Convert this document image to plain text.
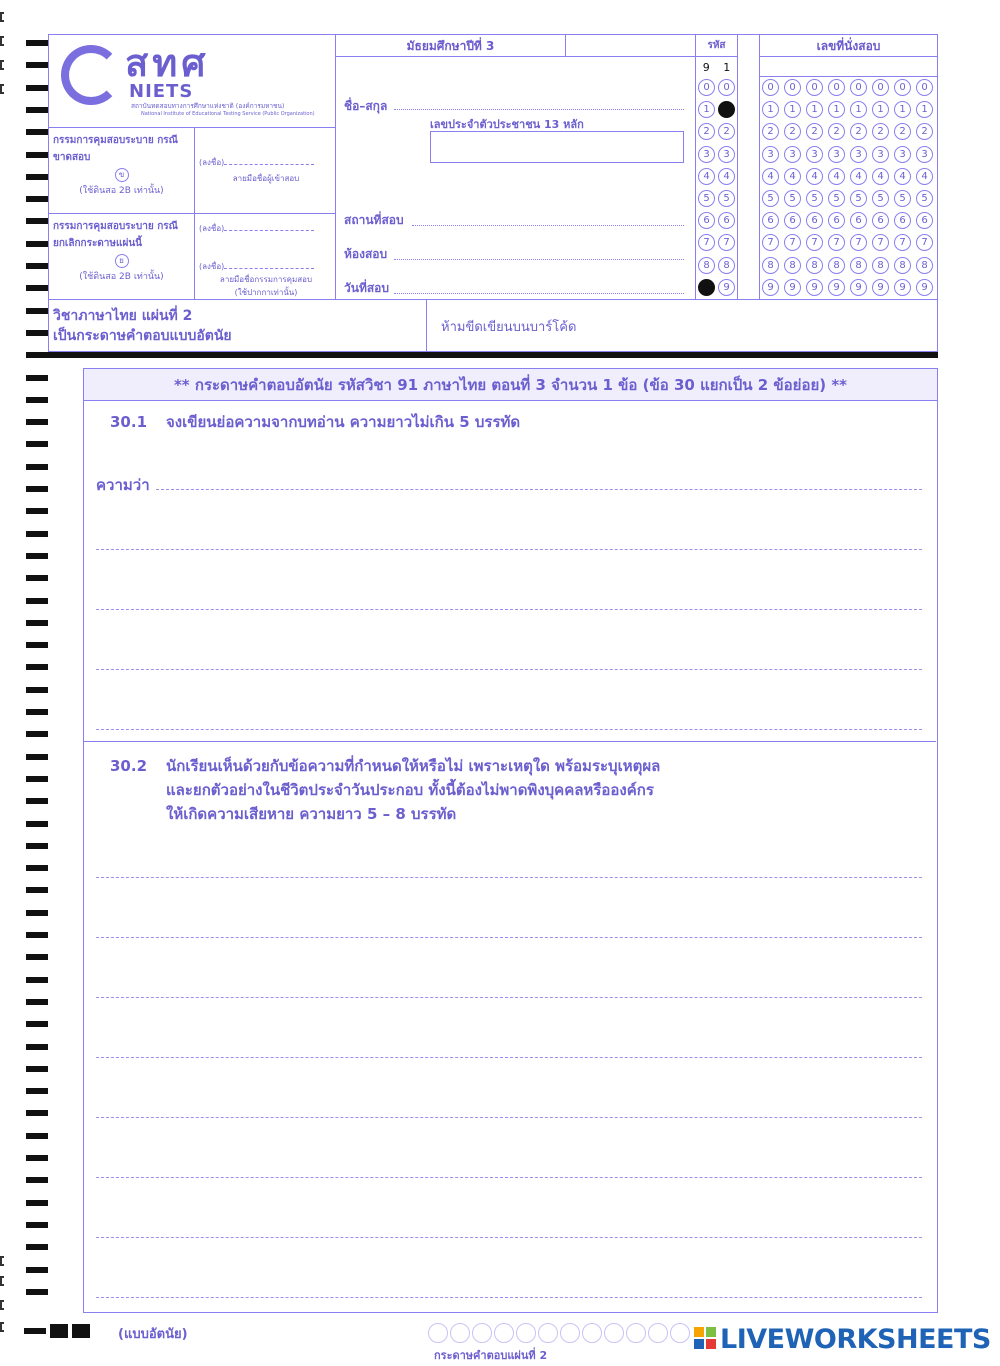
สทศ
NIETS
สถาบันทดสอบทางการศึกษาแห่งชาติ (องค์การมหาชน)
National Institute of Educational Testing Service (Public Organization)
กรรมการคุมสอบระบาย กรณีขาดสอบ
ข
(ใช้ดินสอ 2B เท่านั้น)
(ลงชื่อ)
ลายมือชื่อผู้เข้าสอบ
กรรมการคุมสอบระบาย กรณียกเลิกกระดาษแผ่นนี้
ย
(ใช้ดินสอ 2B เท่านั้น)
(ลงชื่อ)
(ลงชื่อ)
ลายมือชื่อกรรมการคุมสอบ
(ใช้ปากกาเท่านั้น)
มัธยมศึกษาปีที่ 3
ชื่อ–สกุล
เลขประจำตัวประชาชน 13 หลัก
สถานที่สอบ
ห้องสอบ
วันที่สอบ
รหัส
9 1
0
1
2
3
4
5
6
7
8
9
0
1
2
3
4
5
6
7
8
9
เลขที่นั่งสอบ
0
1
2
3
4
5
6
7
8
9
0
1
2
3
4
5
6
7
8
9
0
1
2
3
4
5
6
7
8
9
0
1
2
3
4
5
6
7
8
9
0
1
2
3
4
5
6
7
8
9
0
1
2
3
4
5
6
7
8
9
0
1
2
3
4
5
6
7
8
9
0
1
2
3
4
5
6
7
8
9
วิชาภาษาไทย แผ่นที่ 2
เป็นกระดาษคำตอบแบบอัตนัย
ห้ามขีดเขียนบนบาร์โค้ด
** กระดาษคำตอบอัตนัย รหัสวิชา 91 ภาษาไทย ตอนที่ 3 จำนวน 1 ข้อ (ข้อ 30 แยกเป็น 2 ข้อย่อย) **
30.1 จงเขียนย่อความจากบทอ่าน ความยาวไม่เกิน 5 บรรทัด
ความว่า
30.2 นักเรียนเห็นด้วยกับข้อความที่กำหนดให้หรือไม่ เพราะเหตุใด พร้อมระบุเหตุผล
และยกตัวอย่างในชีวิตประจำวันประกอบ ทั้งนี้ต้องไม่พาดพิงบุคคลหรือองค์กร
ให้เกิดความเสียหาย ความยาว 5 – 8 บรรทัด
(แบบอัตนัย)
กระดาษคำตอบแผ่นที่ 2
LIVEWORKSHEETS
